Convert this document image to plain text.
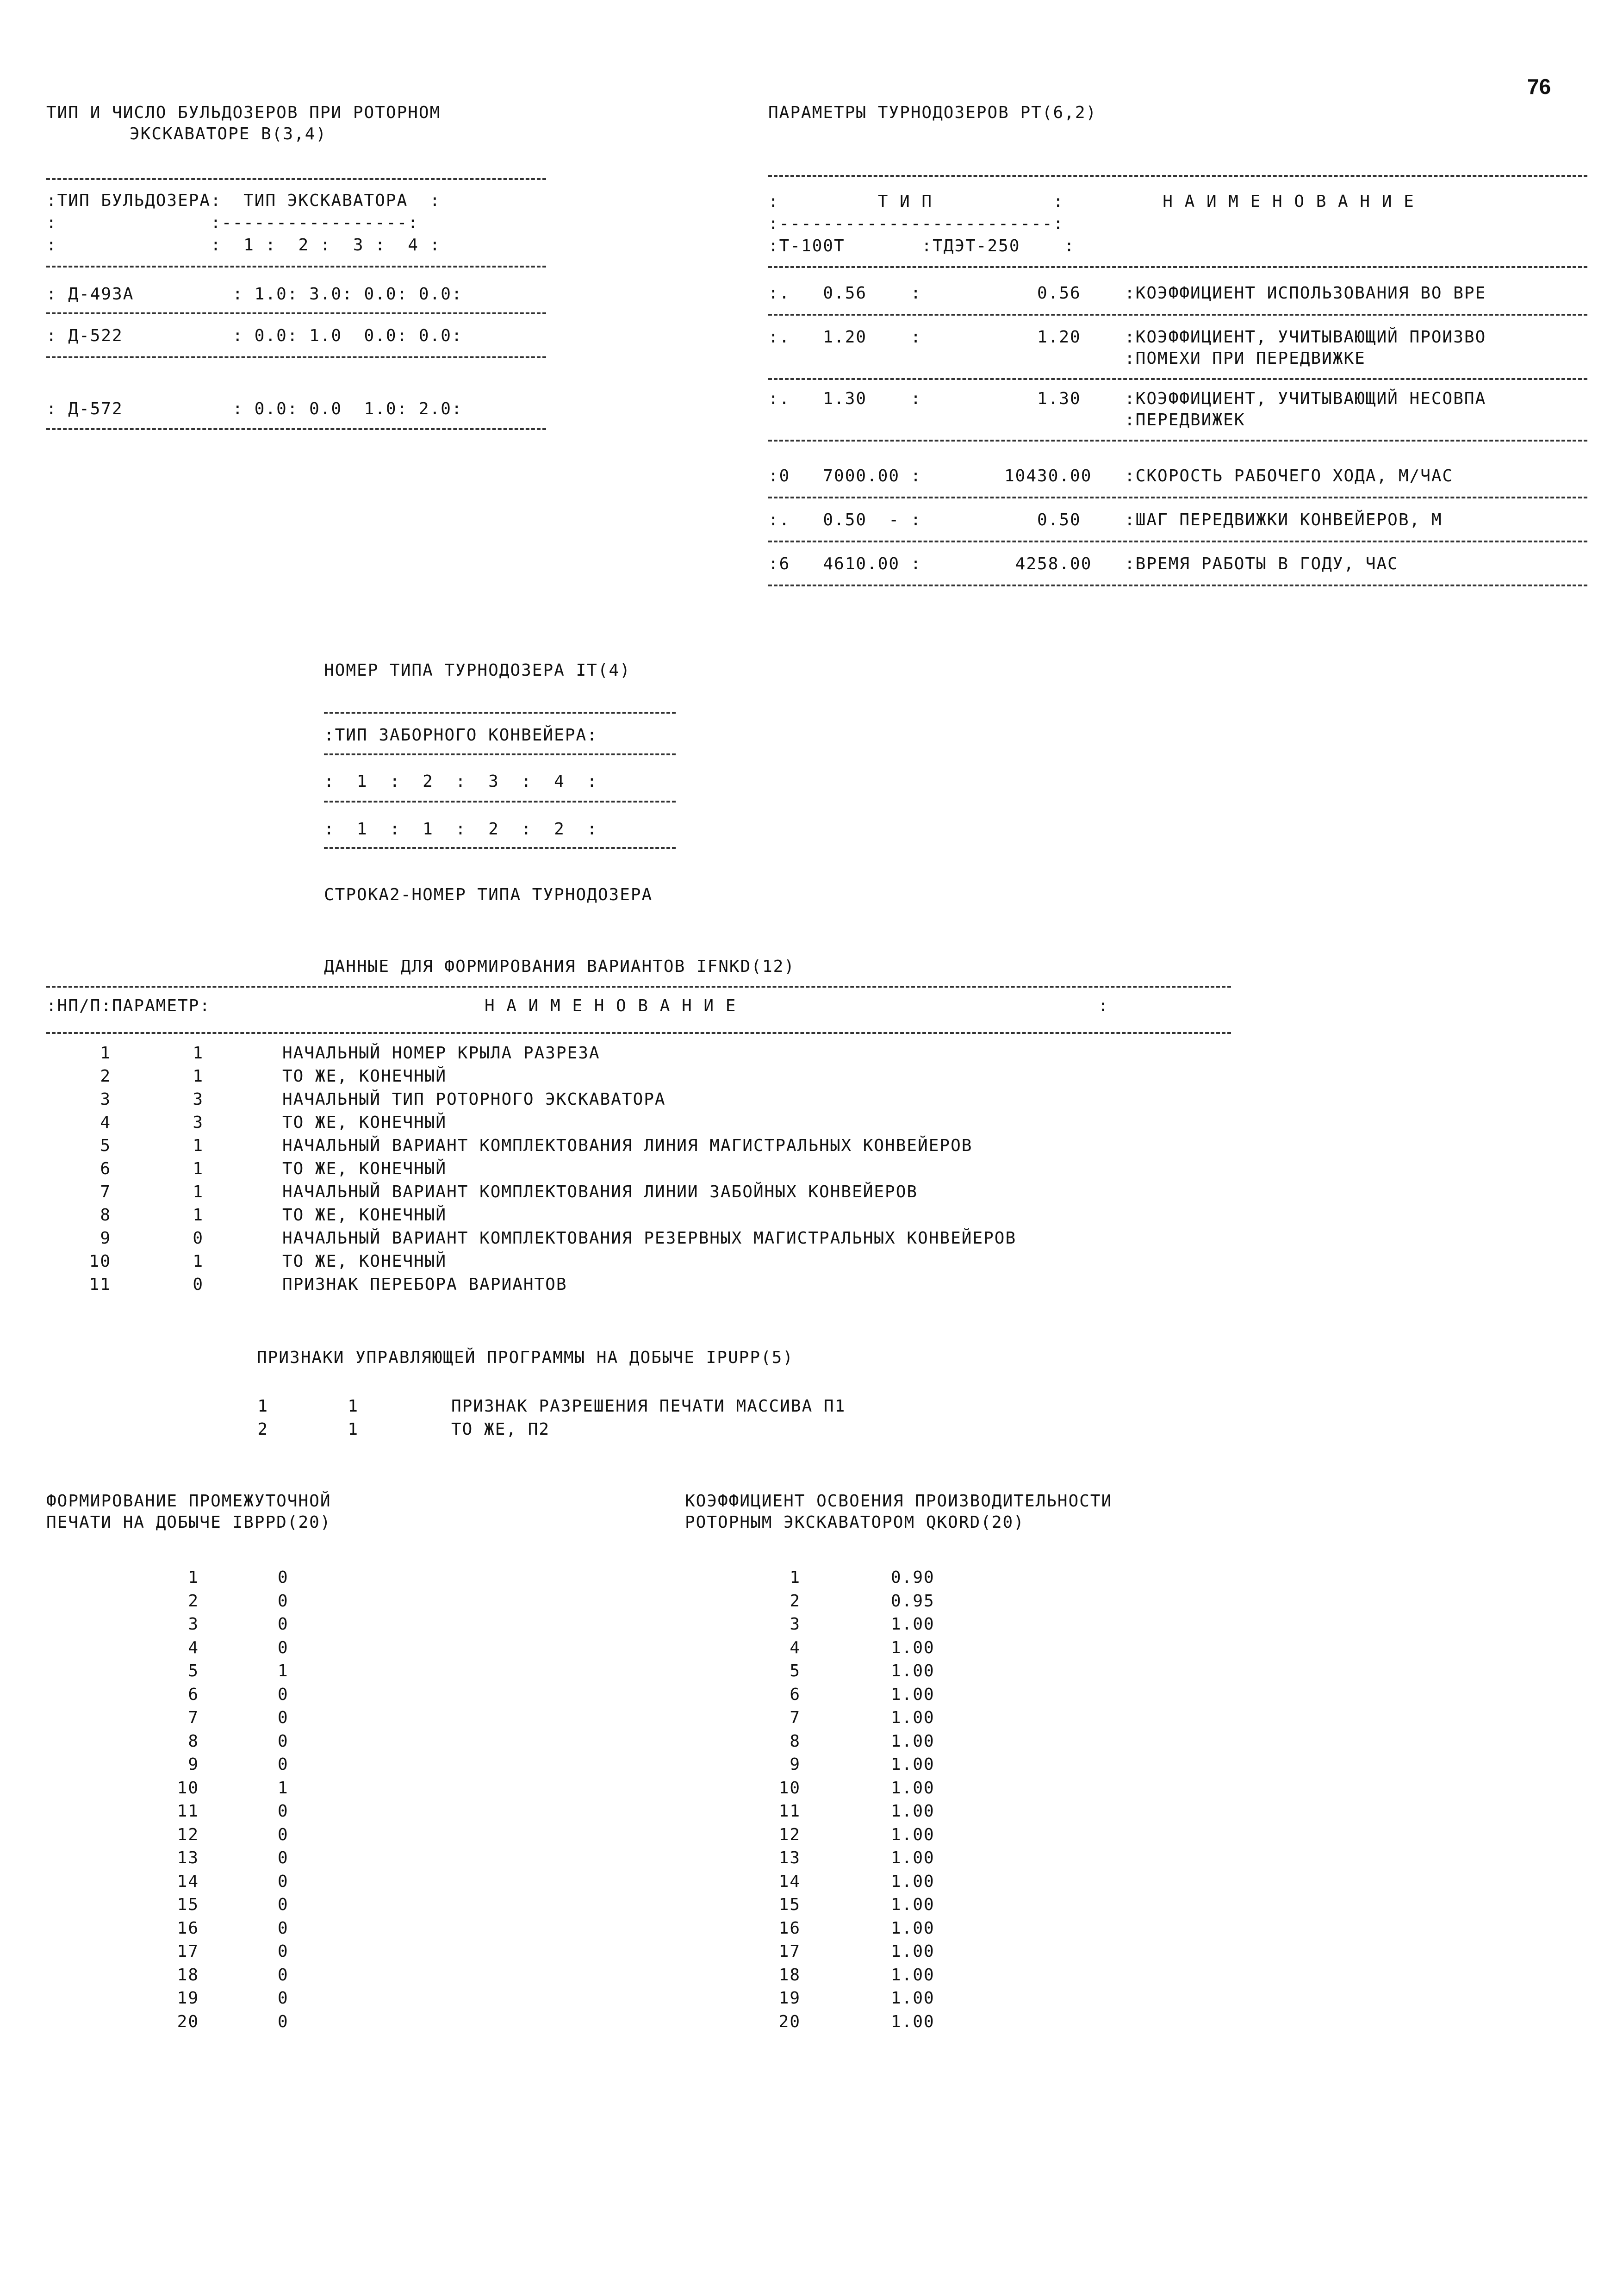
76
ТИП И ЧИСЛО БУЛЬДОЗЕРОВ ПРИ РОТОРНОМ
ЭКСКАВАТОРЕ В(3,4)
:ТИП БУЛЬДОЗЕРА:  ТИП ЭКСКАВАТОРА  :
:              :-----------------:
:              :  1 :  2 :  3 :  4 :
: Д-493А         : 1.0: 3.0: 0.0: 0.0:
: Д-522          : 0.0: 1.0  0.0: 0.0:
: Д-572          : 0.0: 0.0  1.0: 2.0:
ПАРАМЕТРЫ ТУРНОДОЗЕРОВ РТ(6,2)
:         Т И П           :         Н А И М Е Н О В А Н И Е
:-------------------------:
:Т-100Т       :ТДЭТ-250    :
:.   0.56    :	0.56	:КОЭФФИЦИЕНТ ИСПОЛЬЗОВАНИЯ ВО ВРЕ
:.   1.20    :	1.20	:КОЭФФИЦИЕНТ, УЧИТЫВАЮЩИЙ ПРОИЗВО
:ПОМЕХИ ПРИ ПЕРЕДВИЖКЕ
:.   1.30    :	1.30	:КОЭФФИЦИЕНТ, УЧИТЫВАЮЩИЙ НЕСОВПА
:ПЕРЕДВИЖЕК
:0   7000.00 :	10430.00 :СКОРОСТЬ РАБОЧЕГО ХОДА, М/ЧАС
:.   0.50  - :	0.50	:ШАГ ПЕРЕДВИЖКИ КОНВЕЙЕРОВ, М
:6   4610.00 :	4258.00 :ВРЕМЯ РАБОТЫ В ГОДУ, ЧАС
НОМЕР ТИПА ТУРНОДОЗЕРА IT(4)
:ТИП ЗАБОРНОГО КОНВЕЙЕРА:
:  1  :  2  :  3  :  4  :
:  1  :  1  :  2  :  2  :
СТРОКА2-НОМЕР ТИПА ТУРНОДОЗЕРА
ДАННЫЕ ДЛЯ ФОРМИРОВАНИЯ ВАРИАНТОВ IFNKD(12)
:НП/П:ПАРАМЕТР:                         Н А И М Е Н О В А Н И Е                                 :
1	1	НАЧАЛЬНЫЙ НОМЕР КРЫЛА РАЗРЕЗА
2	1	ТО ЖЕ, КОНЕЧНЫЙ
3	3	НАЧАЛЬНЫЙ ТИП РОТОРНОГО ЭКСКАВАТОРА
4	3	ТО ЖЕ, КОНЕЧНЫЙ
5	1	НАЧАЛЬНЫЙ ВАРИАНТ КОМПЛЕКТОВАНИЯ ЛИНИЯ МАГИСТРАЛЬНЫХ КОНВЕЙЕРОВ
6	1	ТО ЖЕ, КОНЕЧНЫЙ
7	1	НАЧАЛЬНЫЙ ВАРИАНТ КОМПЛЕКТОВАНИЯ ЛИНИИ ЗАБОЙНЫХ КОНВЕЙЕРОВ
8	1	ТО ЖЕ, КОНЕЧНЫЙ
9	0	НАЧАЛЬНЫЙ ВАРИАНТ КОМПЛЕКТОВАНИЯ РЕЗЕРВНЫХ МАГИСТРАЛЬНЫХ КОНВЕЙЕРОВ
10	1	ТО ЖЕ, КОНЕЧНЫЙ
11	0	ПРИЗНАК ПЕРЕБОРА ВАРИАНТОВ
ПРИЗНАКИ УПРАВЛЯЮЩЕЙ ПРОГРАММЫ НА ДОБЫЧЕ IPUPP(5)
1	1	ПРИЗНАК РАЗРЕШЕНИЯ ПЕЧАТИ МАССИВА П1
2	1	ТО ЖЕ, П2
ФОРМИРОВАНИЕ ПРОМЕЖУТОЧНОЙ
ПЕЧАТИ НА ДОБЫЧЕ IBPPD(20)
1	0
2	0
3	0
4	0
5	1
6	0
7	0
8	0
9	0
10	1
11	0
12	0
13	0
14	0
15	0
16	0
17	0
18	0
19	0
20	0
КОЭФФИЦИЕНТ ОСВОЕНИЯ ПРОИЗВОДИТЕЛЬНОСТИ
РОТОРНЫМ ЭКСКАВАТОРОМ QKORD(20)
1	0.90
2	0.95
3	1.00
4	1.00
5	1.00
6	1.00
7	1.00
8	1.00
9	1.00
10	1.00
11	1.00
12	1.00
13	1.00
14	1.00
15	1.00
16	1.00
17	1.00
18	1.00
19	1.00
20	1.00
